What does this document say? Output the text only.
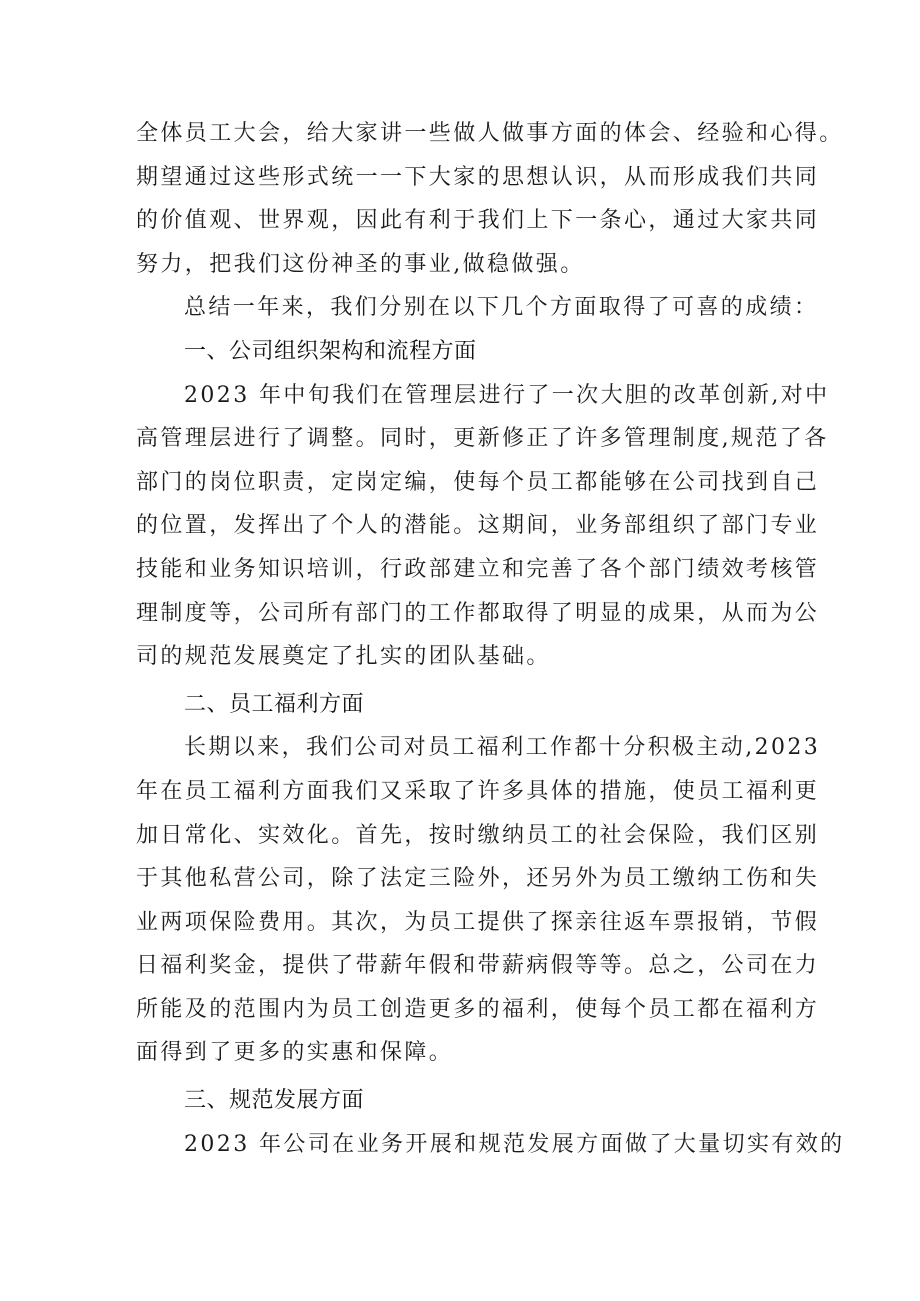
全体员工大会，给大家讲一些做人做事方面的体会、经验和心得。
期望通过这些形式统一一下大家的思想认识，从而形成我们共同
的价值观、世界观，因此有利于我们上下一条心，通过大家共同
努力，把我们这份神圣的事业,做稳做强。
总结一年来，我们分别在以下几个方面取得了可喜的成绩：
一、公司组织架构和流程方面
2023 年中旬我们在管理层进行了一次大胆的改革创新,对中
高管理层进行了调整。同时，更新修正了许多管理制度,规范了各
部门的岗位职责，定岗定编，使每个员工都能够在公司找到自己
的位置，发挥出了个人的潜能。这期间，业务部组织了部门专业
技能和业务知识培训，行政部建立和完善了各个部门绩效考核管
理制度等，公司所有部门的工作都取得了明显的成果，从而为公
司的规范发展奠定了扎实的团队基础。
二、员工福利方面
长期以来，我们公司对员工福利工作都十分积极主动,2023
年在员工福利方面我们又采取了许多具体的措施，使员工福利更
加日常化、实效化。首先，按时缴纳员工的社会保险，我们区别
于其他私营公司，除了法定三险外，还另外为员工缴纳工伤和失
业两项保险费用。其次，为员工提供了探亲往返车票报销，节假
日福利奖金，提供了带薪年假和带薪病假等等。总之，公司在力
所能及的范围内为员工创造更多的福利，使每个员工都在福利方
面得到了更多的实惠和保障。
三、规范发展方面
2023 年公司在业务开展和规范发展方面做了大量切实有效的
